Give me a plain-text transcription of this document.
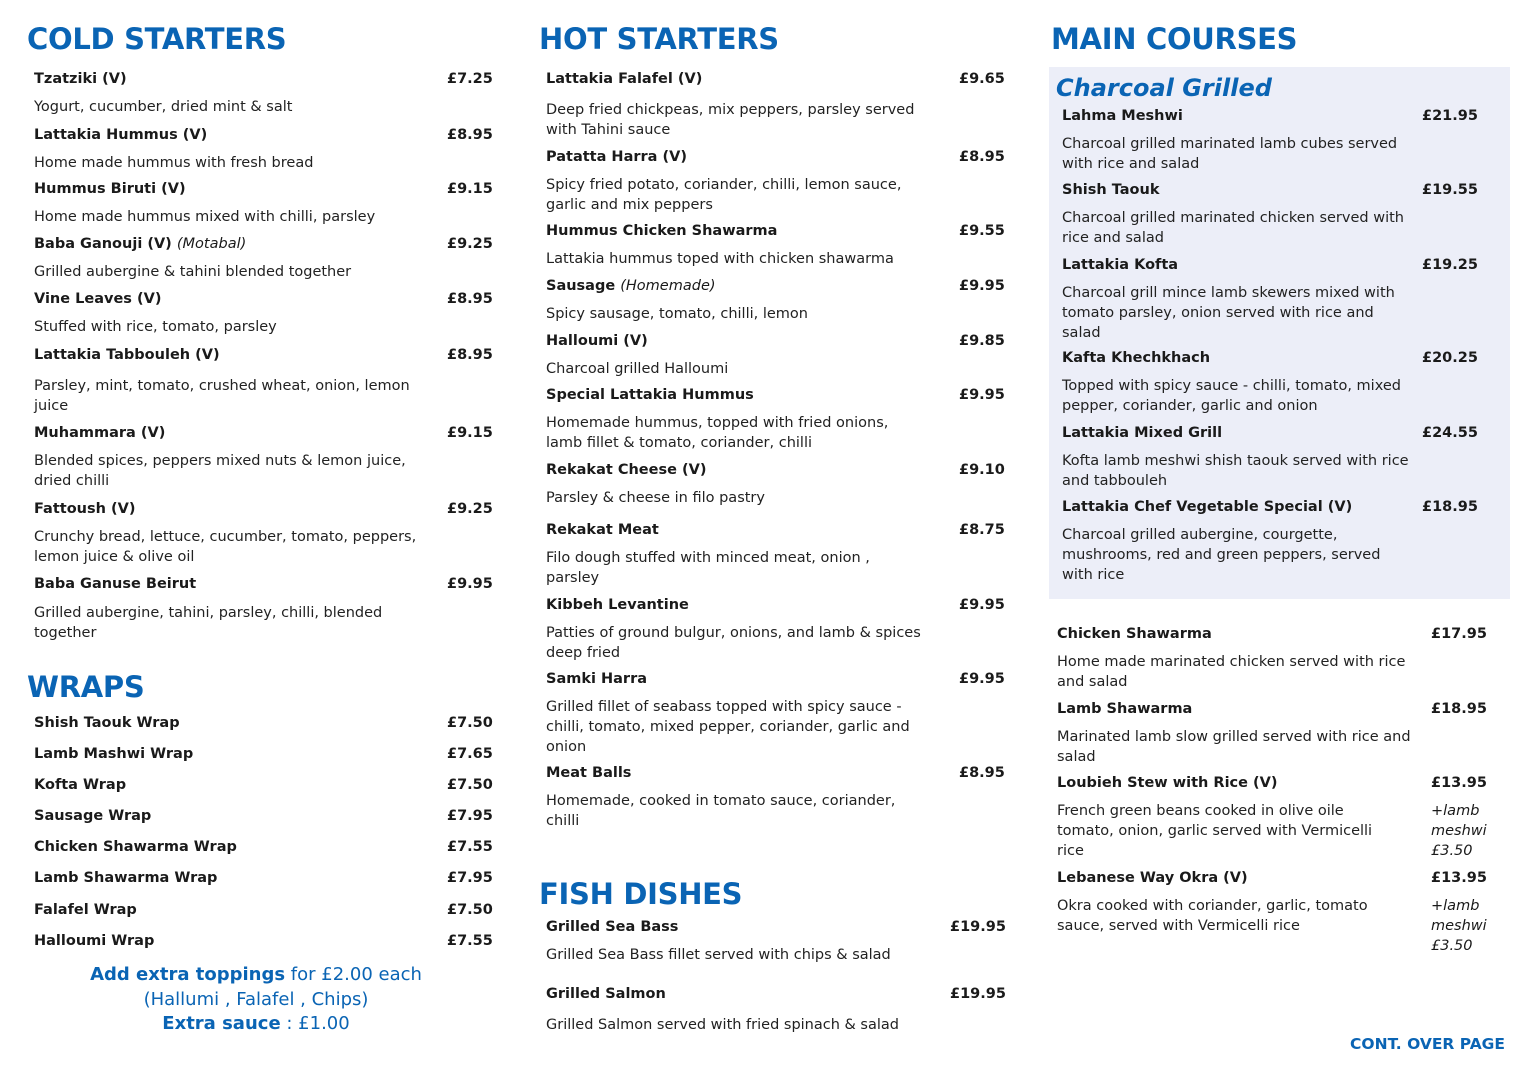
COLD STARTERS
Tzatziki (V)	£7.25
Yogurt, cucumber, dried mint & salt
Lattakia Hummus (V)	£8.95
Home made hummus with fresh bread
Hummus Biruti (V)	£9.15
Home made hummus mixed with chilli, parsley
Baba Ganouji (V) (Motabal)	£9.25
Grilled aubergine & tahini blended together
Vine Leaves (V)	£8.95
Stuffed with rice, tomato, parsley
Lattakia Tabbouleh (V)	£8.95
Parsley, mint, tomato, crushed wheat, onion, lemon juice
Muhammara (V)	£9.15
Blended spices, peppers mixed nuts & lemon juice, dried chilli
Fattoush (V)	£9.25
Crunchy bread, lettuce, cucumber, tomato, peppers, lemon juice & olive oil
Baba Ganuse Beirut	£9.95
Grilled aubergine, tahini, parsley, chilli, blended together
WRAPS
Shish Taouk Wrap	£7.50
Lamb Mashwi Wrap	£7.65
Kofta Wrap	£7.50
Sausage Wrap	£7.95
Chicken Shawarma Wrap	£7.55
Lamb Shawarma Wrap	£7.95
Falafel Wrap	£7.50
Halloumi Wrap	£7.55
Add extra toppings for £2.00 each
(Hallumi , Falafel , Chips)
Extra sauce : £1.00
HOT STARTERS
Lattakia Falafel (V)	£9.65
Deep fried chickpeas, mix peppers, parsley served with Tahini sauce
Patatta Harra (V)	£8.95
Spicy fried potato, coriander, chilli, lemon sauce, garlic and mix peppers
Hummus Chicken Shawarma	£9.55
Lattakia hummus toped with chicken shawarma
Sausage (Homemade)	£9.95
Spicy sausage, tomato, chilli, lemon
Halloumi (V)	£9.85
Charcoal grilled Halloumi
Special Lattakia Hummus	£9.95
Homemade hummus, topped with fried onions, lamb fillet & tomato, coriander, chilli
Rekakat Cheese (V)	£9.10
Parsley & cheese in filo pastry
Rekakat Meat	£8.75
Filo dough stuffed with minced meat, onion , parsley
Kibbeh Levantine	£9.95
Patties of ground bulgur, onions, and lamb & spices deep fried
Samki Harra	£9.95
Grilled fillet of seabass topped with spicy sauce - chilli, tomato, mixed pepper, coriander, garlic and onion
Meat Balls	£8.95
Homemade, cooked in tomato sauce, coriander, chilli
FISH DISHES
Grilled Sea Bass	£19.95
Grilled Sea Bass fillet served with chips & salad
Grilled Salmon	£19.95
Grilled Salmon served with fried spinach & salad
MAIN COURSES
Charcoal Grilled
Lahma Meshwi	£21.95
Charcoal grilled marinated lamb cubes served with rice and salad
Shish Taouk	£19.55
Charcoal grilled marinated chicken served with rice and salad
Lattakia Kofta	£19.25
Charcoal grill mince lamb skewers mixed with tomato parsley, onion served with rice and salad
Kafta Khechkhach	£20.25
Topped with spicy sauce - chilli, tomato, mixed pepper, coriander, garlic and onion
Lattakia Mixed Grill	£24.55
Kofta lamb meshwi shish taouk served with rice and tabbouleh
Lattakia Chef Vegetable Special (V)	£18.95
Charcoal grilled aubergine, courgette, mushrooms, red and green peppers, served with rice
Chicken Shawarma	£17.95
Home made marinated chicken served with rice and salad
Lamb Shawarma	£18.95
Marinated lamb slow grilled served with rice and salad
Loubieh Stew with Rice (V)	£13.95
French green beans cooked in olive oile tomato, onion, garlic served with Vermicelli rice
+lamb meshwi £3.50
Lebanese Way Okra (V)	£13.95
Okra cooked with coriander, garlic, tomato sauce, served with Vermicelli rice
+lamb meshwi £3.50
CONT. OVER PAGE
